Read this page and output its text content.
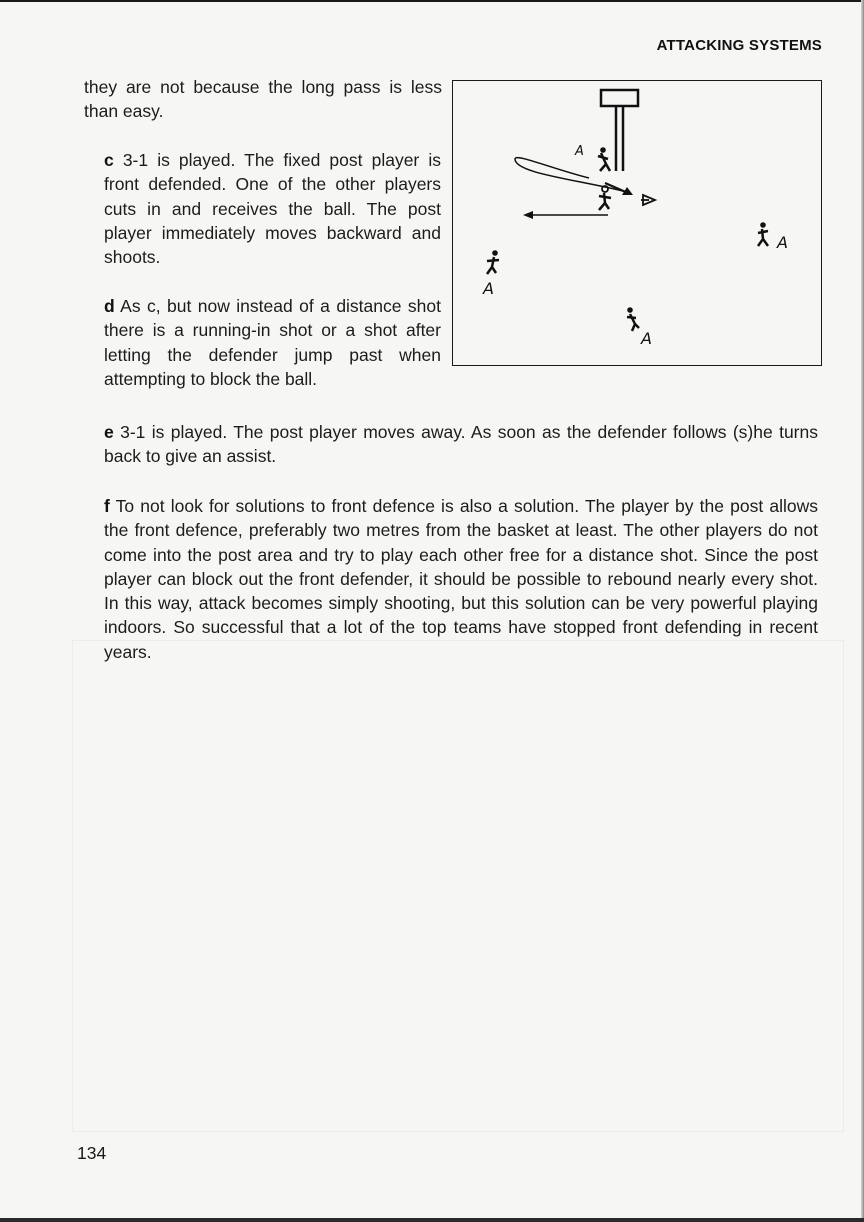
ATTACKING SYSTEMS

they are not because the long pass is less than easy.

c 3-1 is played. The fixed post player is front defended. One of the other players cuts in and receives the ball. The post player immediately moves backward and shoots.

d As c, but now instead of a distance shot there is a running-in shot or a shot after letting the defender jump past when attempting to block the ball.

e 3-1 is played. The post player moves away. As soon as the defender follows (s)he turns back to give an assist.

f To not look for solutions to front defence is also a solution. The player by the post allows the front defence, preferably two metres from the basket at least. The other players do not come into the post area and try to play each other free for a distance shot. Since the post player can block out the front defender, it should be possible to rebound nearly every shot. In this way, attack becomes simply shooting, but this solution can be very powerful playing indoors. So successful that a lot of the top teams have stopped front defending in recent years.

A
A
A
A
134
